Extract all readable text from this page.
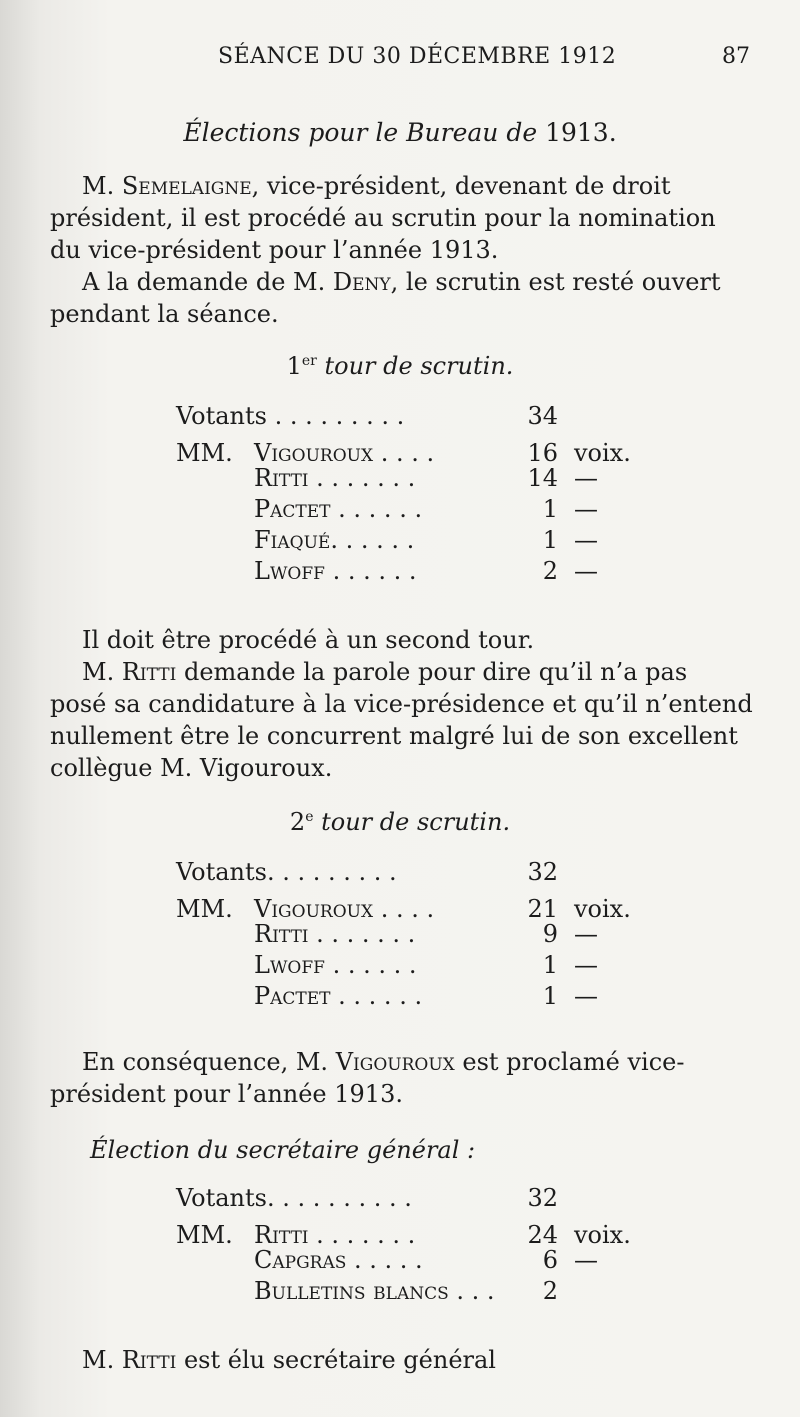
SÉANCE DU 30 DÉCEMBRE 1912	87
Élections pour le Bureau de 1913.
M. Semelaigne, vice-président, devenant de droit
président, il est procédé au scrutin pour la nomination
du vice-président pour l’année 1913.
A la demande de M. Deny, le scrutin est resté ouvert
pendant la séance.
1er tour de scrutin.
Votants . . . . . . . . .	34
MM. Vigouroux . . . .	16 voix.
Ritti . . . . . . .	14 —
Pactet . . . . . .	1 —
Fiaqué. . . . . .	1 —
Lwoff . . . . . .	2 —
Il doit être procédé à un second tour.
M. Ritti demande la parole pour dire qu’il n’a pas
posé sa candidature à la vice-présidence et qu’il n’entend
nullement être le concurrent malgré lui de son excellent
collègue M. Vigouroux.
2e tour de scrutin.
Votants. . . . . . . . .	32
MM. Vigouroux . . . .	21 voix.
Ritti . . . . . . .	9 —
Lwoff . . . . . .	1 —
Pactet . . . . . .	1 —
En conséquence, M. Vigouroux est proclamé vice-
président pour l’année 1913.
Élection du secrétaire général :
Votants. . . . . . . . . .	32
MM. Ritti . . . . . . .	24 voix.
Capgras . . . . .	6 —
Bulletins blancs . . .	2
M. Ritti est élu secrétaire général
